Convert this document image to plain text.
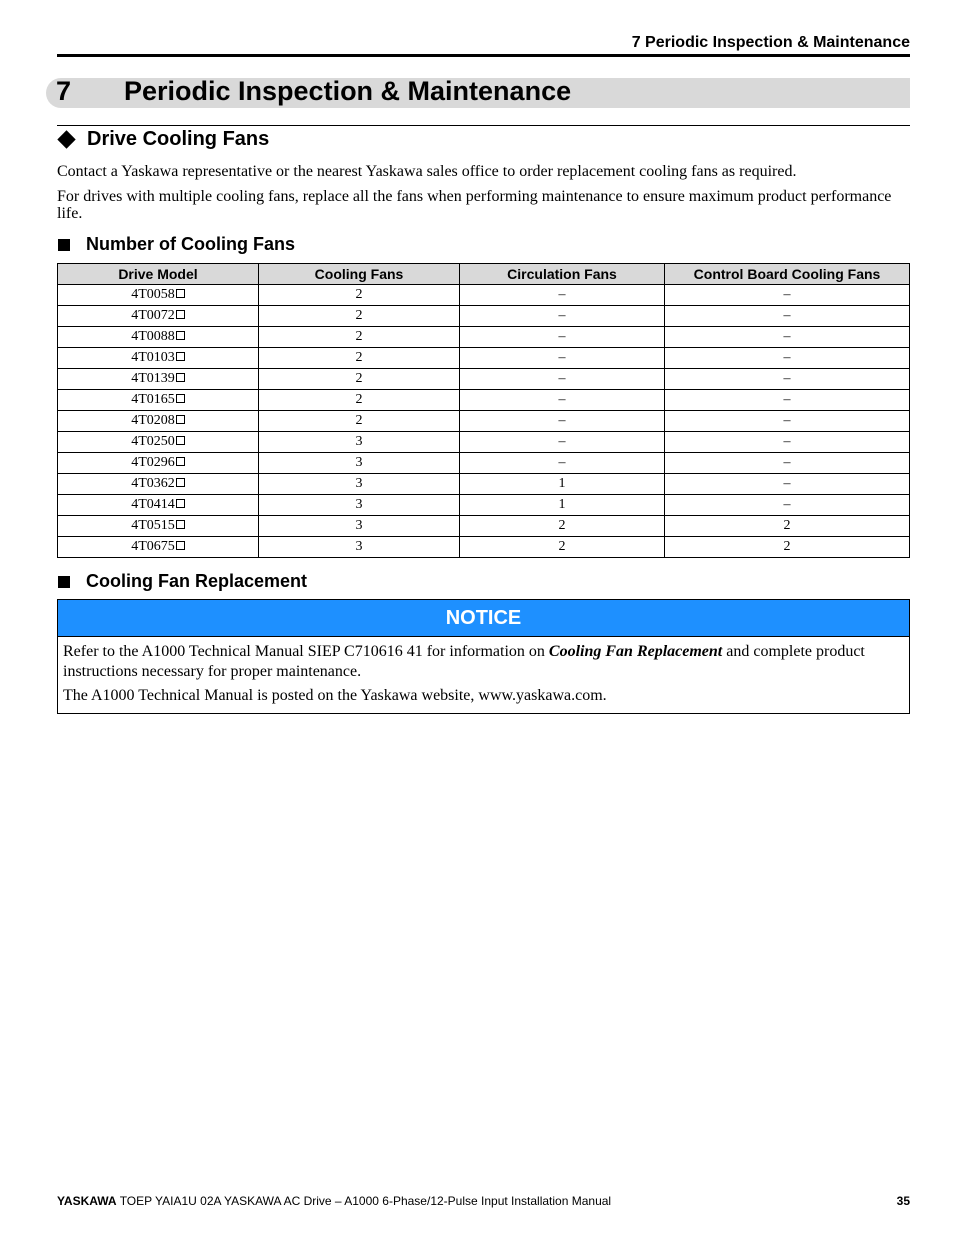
7 Periodic Inspection & Maintenance
7 Periodic Inspection & Maintenance
Drive Cooling Fans
Contact a Yaskawa representative or the nearest Yaskawa sales office to order replacement cooling fans as required.
For drives with multiple cooling fans, replace all the fans when performing maintenance to ensure maximum product performance life.
Number of Cooling Fans
Drive Model	Cooling Fans	Circulation Fans	Control Board Cooling Fans
4T0058	2	–	–
4T0072	2	–	–
4T0088	2	–	–
4T0103	2	–	–
4T0139	2	–	–
4T0165	2	–	–
4T0208	2	–	–
4T0250	3	–	–
4T0296	3	–	–
4T0362	3	1	–
4T0414	3	1	–
4T0515	3	2	2
4T0675	3	2	2
Cooling Fan Replacement
NOTICE

Refer to the A1000 Technical Manual SIEP C710616 41 for information on Cooling Fan Replacement and complete product instructions necessary for proper maintenance.

The A1000 Technical Manual is posted on the Yaskawa website, www.yaskawa.com.

YASKAWA TOEP YAIA1U 02A YASKAWA AC Drive – A1000 6-Phase/12-Pulse Input Installation Manual	35
